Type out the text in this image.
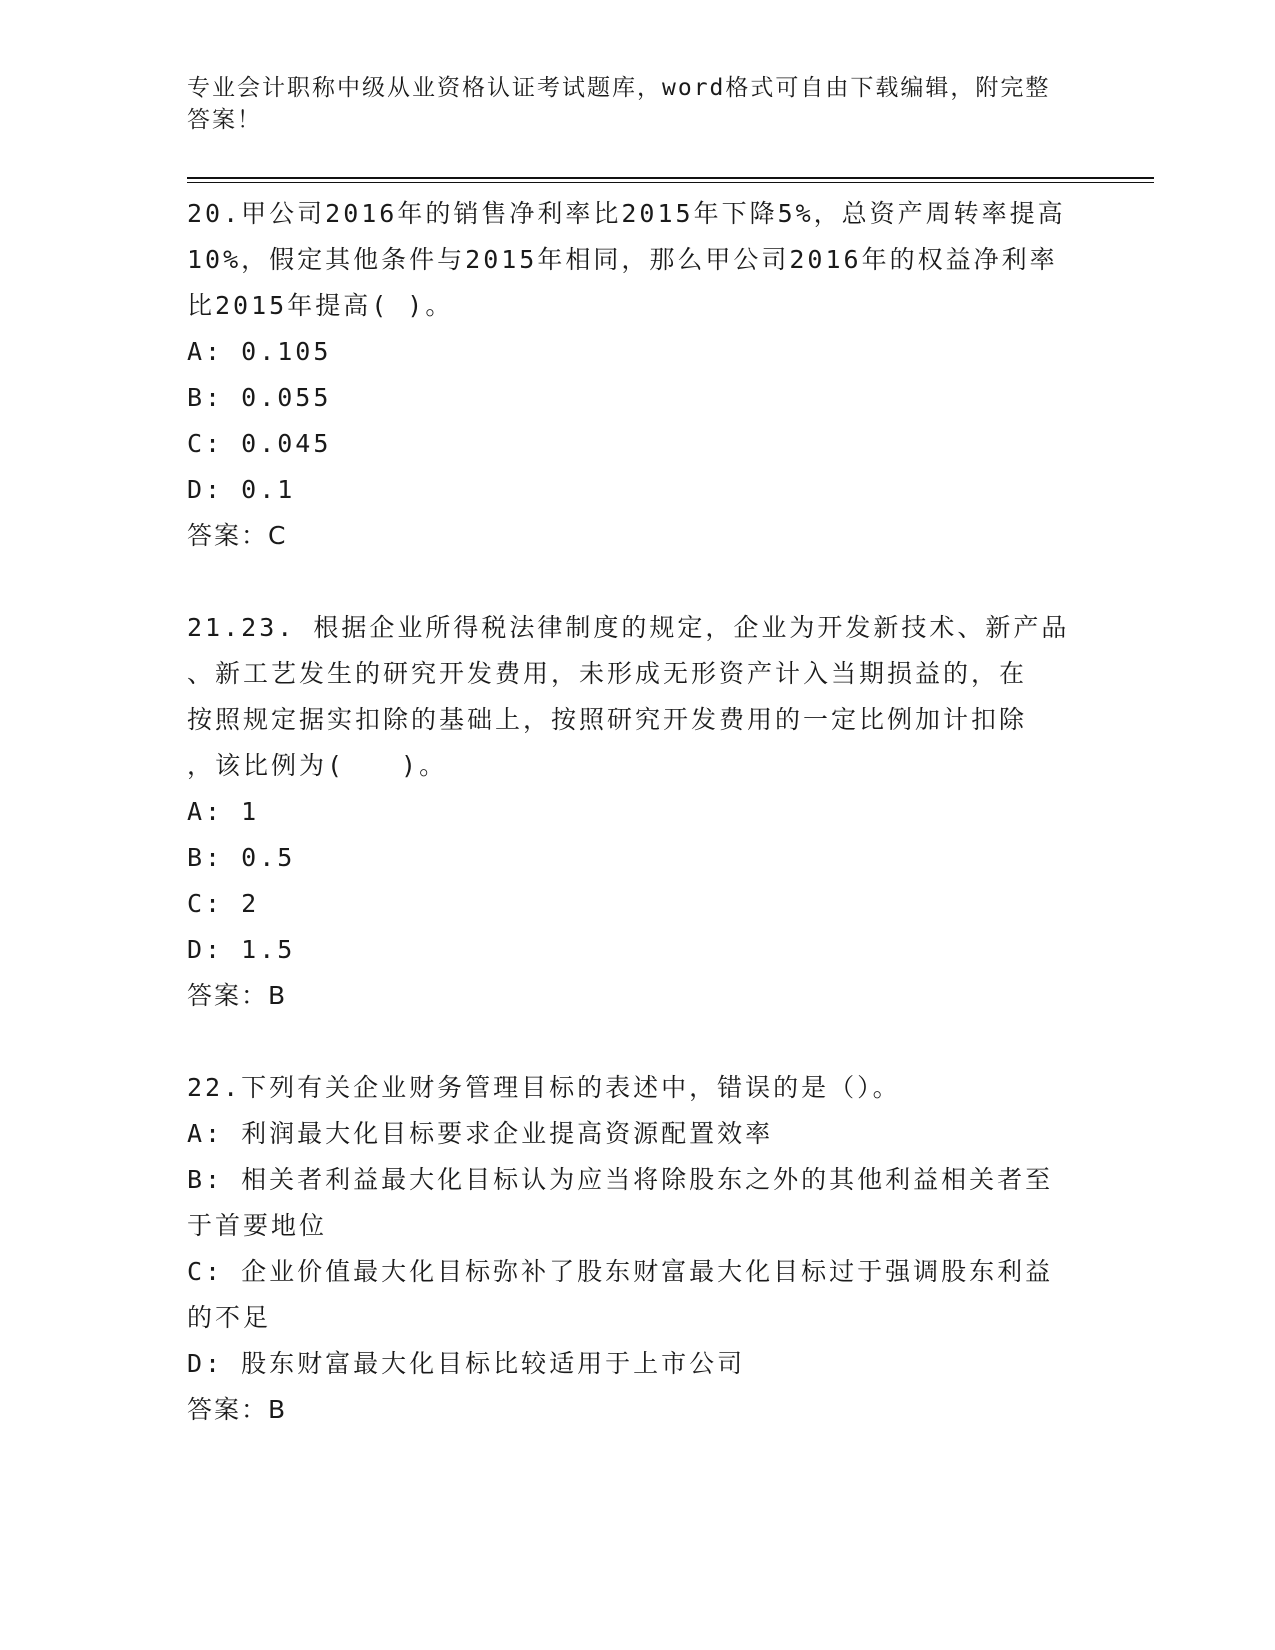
专业会计职称中级从业资格认证考试题库，word格式可自由下载编辑，附完整答案！

20.甲公司2016年的销售净利率比2015年下降5%，总资产周转率提高

10%，假定其他条件与2015年相同，那么甲公司2016年的权益净利率

比2015年提高( )。

A: 0.105

B: 0.055

C: 0.045

D: 0.1

答案：C

21.23. 根据企业所得税法律制度的规定，企业为开发新技术、新产品

、新工艺发生的研究开发费用，未形成无形资产计入当期损益的，在

按照规定据实扣除的基础上，按照研究开发费用的一定比例加计扣除

，该比例为(　　)。

A: 1

B: 0.5

C: 2

D: 1.5

答案：B

22.下列有关企业财务管理目标的表述中，错误的是（）。

A: 利润最大化目标要求企业提高资源配置效率

B: 相关者利益最大化目标认为应当将除股东之外的其他利益相关者至

于首要地位

C: 企业价值最大化目标弥补了股东财富最大化目标过于强调股东利益

的不足

D: 股东财富最大化目标比较适用于上市公司

答案：B
